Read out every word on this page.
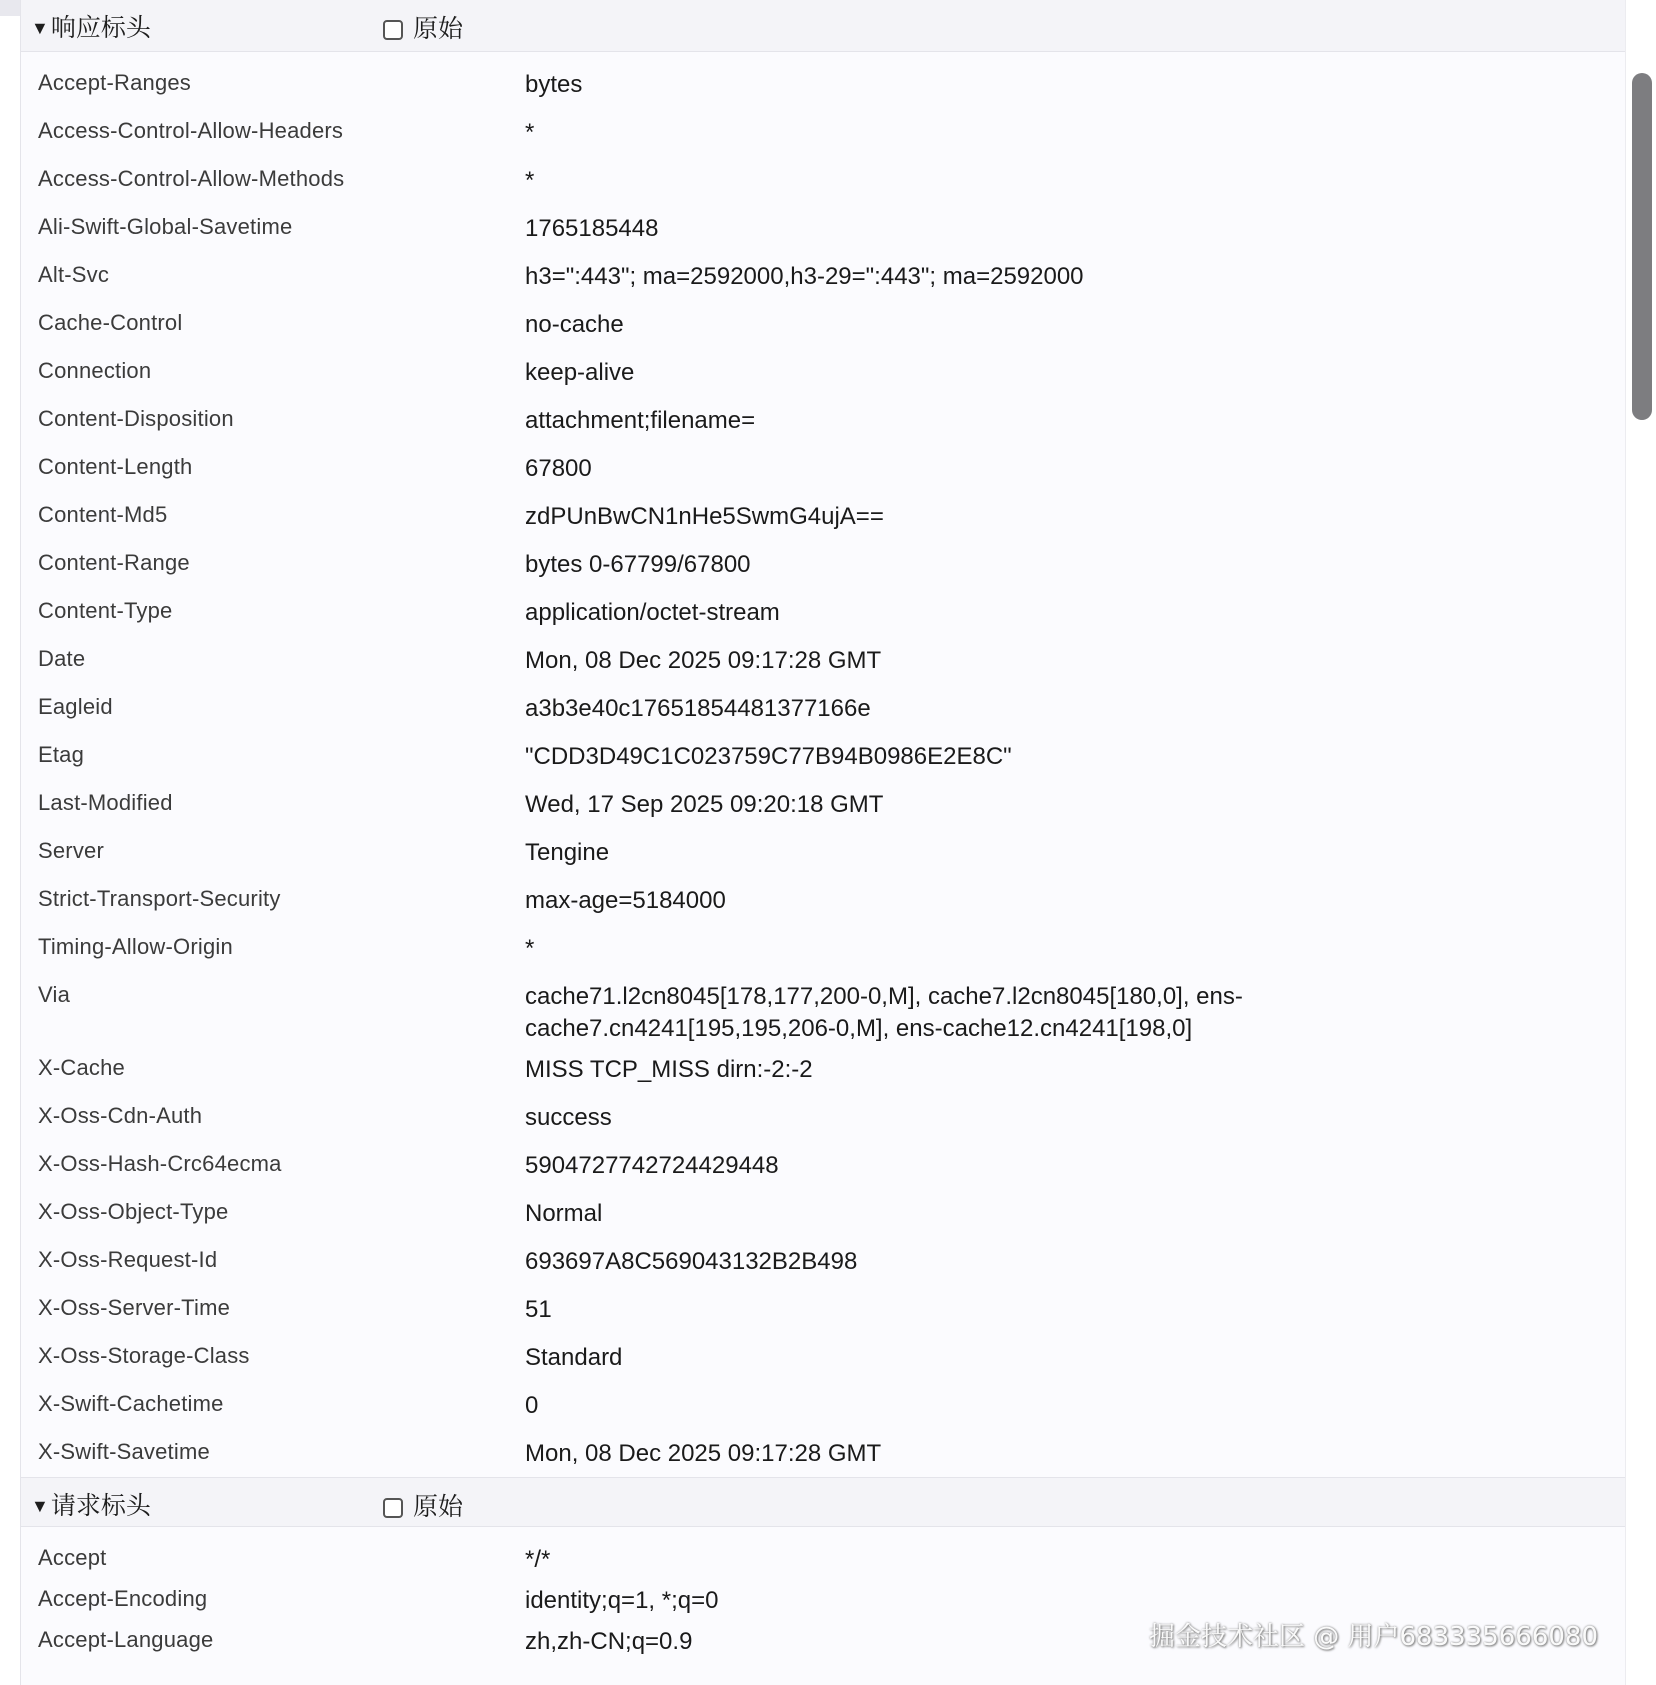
▼响应标头	原始
Accept-Ranges	bytes
Access-Control-Allow-Headers	*
Access-Control-Allow-Methods	*
Ali-Swift-Global-Savetime	1765185448
Alt-Svc	h3=":443"; ma=2592000,h3-29=":443"; ma=2592000
Cache-Control	no-cache
Connection	keep-alive
Content-Disposition	attachment;filename=
Content-Length	67800
Content-Md5	zdPUnBwCN1nHe5SwmG4ujA==
Content-Range	bytes 0-67799/67800
Content-Type	application/octet-stream
Date	Mon, 08 Dec 2025 09:17:28 GMT
Eagleid	a3b3e40c17651854481377166e
Etag	"CDD3D49C1C023759C77B94B0986E2E8C"
Last-Modified	Wed, 17 Sep 2025 09:20:18 GMT
Server	Tengine
Strict-Transport-Security	max-age=5184000
Timing-Allow-Origin	*
Via	cache71.l2cn8045[178,177,200-0,M], cache7.l2cn8045[180,0], ens-cache7.cn4241[195,195,206-0,M], ens-cache12.cn4241[198,0]
X-Cache	MISS TCP_MISS dirn:-2:-2
X-Oss-Cdn-Auth	success
X-Oss-Hash-Crc64ecma	5904727742724429448
X-Oss-Object-Type	Normal
X-Oss-Request-Id	693697A8C569043132B2B498
X-Oss-Server-Time	51
X-Oss-Storage-Class	Standard
X-Swift-Cachetime	0
X-Swift-Savetime	Mon, 08 Dec 2025 09:17:28 GMT
▼请求标头	原始
Accept	*/*
Accept-Encoding	identity;q=1, *;q=0
Accept-Language	zh,zh-CN;q=0.9	掘金技术社区 @ 用户683335666080
